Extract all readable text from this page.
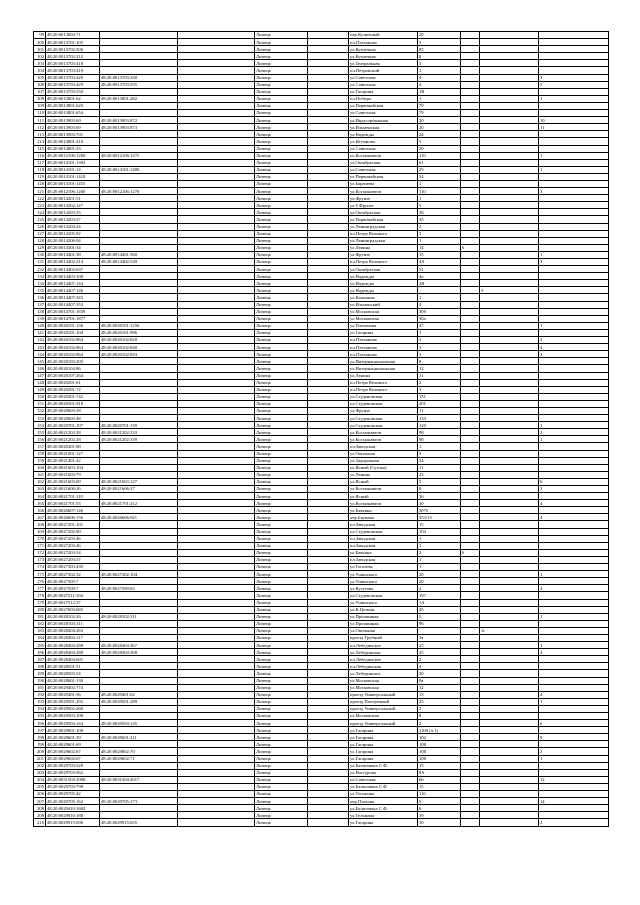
99	48:20:0013604:71			Липецк		пер.Кузнечный	20			
100	48:20:0013701:105			Липецк		пл.Плеханова	5			
101	48:20:0013702:506			Липецк		ул.Кузнечная	85			
102	48:20:0013702:212			Липецк		ул.Кузнечная	8			
103	48:20:0013703:418			Липецк		ул.Театральная	3			
104	48:20:0013703:419			Липецк		пл.Петровский	1			
105	48:20:0013703:420	48:20:0013703:330		Липецк		ул.Советская	4			3
106	48:20:0013703:429	48:20:0013703:555		Липецк		ул.Советская	4			5
107	48:20:0013703:550			Липецк		ул.Гагарина	1В			
108	48:20:0013801:62	48:20:0013801:282		Липецк		пл.Победы	1			1
109	48:20:0013801:620			Липецк		ул.Первомайская	79			
110	48:20:0013801:654			Липецк		ул.Советская	79			
111	48:20:0013903:69	48:20:0013903:872		Липецк		ул.Индустриальная	20			10
112	48:20:0013903:69	48:20:0013903:873		Липецк		ул.Ильменская	20			11
113	48:20:0013903:701			Липецк		ул.Надежды	24			
114	48:20:0014001:416			Липецк		ул.Игумнова	5			
115	48:20:0014001:33			Липецк		ул.Советская	20			
116	48:20:0012106:1260	48:20:0012106:1275		Липецк		ул.Космонавтов	110			1
117	48:20:0014101:1392			Липецк		ул.Октябрьская	61			
118	48:20:0014101:14	48:20:0014101:1408		Липецк		ул.Советская	25			1
119	48:20:0014101:1418			Липецк		ул.Первомайская	34			
120	48:20:0014101:1455			Липецк		ул.Барашева	1			
121	48:20:0012106:1260	48:20:0012106:1276		Липецк		ул.Космонавтов	110			3
122	48:20:0014201:51			Липецк		ул.Фрунзе	1			
123	48:20:0014202:127			Липецк		ул.Т.Фрунзе	5			
124	48:20:0014203:35			Липецк		ул.Октябрьская	28			
125	48:20:0014203:27			Липецк		ул.Первомайская	35			
126	48:20:0014204:24			Липецк		ул.Ленинградская	2			
127	48:20:0014205:92			Липецк		пл.Петра Великого	3			
128	48:20:0014206:94			Липецк		ул.Ленинградская	1			
129	48:20:0014301:34			Липецк		ул.Ленина	14	6		
130	48:20:0014401:38	48:20:0014401:560		Липецк		ул.Фрунзе	15			1
131	48:20:0014402:314	48:20:0014402:549		Липецк		пл.Петра Великого	4А			3
132	48:20:0014402:637			Липецк		ул.Октябрьская	51			
133	48:20:0014403:108			Липецк		ул.Надежды	4а			
134	48:20:0014407:144			Липецк		ул.Надежды	2В			
135	48:20:0014407:146			Липецк		ул.Надежды			3	
136	48:20:0014407:343			Липецк		ул.Каменная	1			
137	48:20:0014407:353			Липецк		ул.Ильменский	4			
138	48:20:0014701:1659			Липецк		ул.Московская	30б			
139	48:20:0014701:1877			Липецк		ул.Московская	30а			
140	48:20:0020101:136	48:20:0020101:1250		Липецк		ул.Плеханова	47			1
141	48:20:0020101:104	48:20:0020101:986		Липецк		ул.Гагарина	1			
142	48:20:0020102:864	48:20:0020102:820		Липецк		пл.Плеханова	3			2
143	48:20:0020102:864	48:20:0020102:840		Липецк		пл.Плеханова	3			4
144	48:20:0020102:864	48:20:0020102:843		Липецк		пл.Плеханова	3			3
145	48:20:0020103:205			Липецк		ул.Интернациональная	8			
146	48:20:0020104:86			Липецк		ул.Интернациональная	12			
147	48:20:0020107:264			Липецк		ул.Ленина	11			
148	48:20:0020201:61			Липецк		пл.Петра Великого	2			
149	48:20:0020201:72			Липецк		пл.Петра Великого	1			
150	48:20:0020301:742			Липецк		ул.Студеновская	131			
151	48:20:0020301:918			Липецк		ул.Студеновская	201			
152	48:20:0020603:28			Липецк		ул.Фрунзе	11			
153	48:20:0020603:48			Липецк		ул.Студеновская	133			
154	48:20:0020701:107	48:20:0020701:139		Липецк		ул.Студеновская	120			1
155	48:20:0021202:28	48:20:0021202:333		Липецк		ул.Космонавтов	98			2
156	48:20:0021202:28	48:20:0021202:339		Липецк		ул.Космонавтов	98			1
157	48:20:0020301:88			Липецк		пл.Заводская	1			
158	48:20:0021001:127			Липецк		ул.Опильная	9			
159	48:20:0021401:42			Липецк		ул.Задорожная	24			
160	48:20:0021603:104			Липецк		ул.Ясный (Сутока)	11			
161	48:20:0021603:79			Липецк		ул.Ленина	23			
162	48:20:0021603:69	48:20:0021603:127		Липецк		ул.Ясный	5			6
163	48:20:0021606:26	48:20:0021606:27		Липецк		ул.Космонавтов	6			3
164	48:20:0021701:110			Липецк		ул.Ясный	36			
165	48:20:0021701:55	48:20:0021701:212		Липецк		ул.Космонавтов	10			4
166	48:20:0026607:146			Липецк		ул.Бачкина	307б			
167	48:20:0026606:156	48:20:0026606:921		Липецк		пер.Баумана	353/15			4
168	48:20:0027201:101			Липецк		пл.Заводская	15			
169	48:20:0027202:90			Липецк		ул.Студеновская	104			
170	48:20:0027203:46			Липецк		пл.Заводская	1			
171	48:20:0027203:46			Липецк		пл.Заводская	1			
172	48:20:0027203:54			Липецк		ул.Бачкина	2	6		
173	48:20:0027203:57			Липецк		пл.Заводская	1			
174	48:20:0027303:439			Липецк		ул.Гоголева	1			
175	48:20:0027302:32	48:20:0027302:104		Липецк		ул.Ушинского	20			1
176	48:20:0027305:7			Липецк		ул.Ушинского	20			
177	48:20:0027509:7	48:20:0027509:63		Липецк		ул.Кутузова	2			4
178	48:20:0027511:104			Липецк		ул.Студеновская	197			
179	48:20:0027512:37			Липецк		ул.Ушинского	1А			
180	48:20:0027603:665			Липецк		ул.К.Цеткин	45			
181	48:20:0028102:26	48:20:0028102:311		Липецк		ул.Прошинная	5			1
182	48:20:0028103:311			Липецк		ул.Прошинная	96			
183	48:20:0028404:263			Липецк		ул.Опильная			1г	
184	48:20:0028404:117			Липецк		проезд Трубный	3а			
185	48:20:0028404:288	48:20:0028404:367		Липецк		пл.Лебединское	25			3
186	48:20:0028404:288	48:20:0028404:368		Липецк		ул.Лебединская	25			4
187	48:20:0028404:601			Липецк		пл.Лебединское	2			
188	48:20:0028501:51			Липецк		пл.Лебединская	4			
189	48:20:0028503:54			Липецк		ул.Лебединское	30			
190	48:20:0028601:130			Липецк		ул.Московская	8а			
191	48:20:0029402:774			Липецк		ул.Московская	12			
192	48:20:0029401:56	48:20:0029401:62		Липецк		проезд Универсальный	13			4
193	48:20:0029501:292	48:20:0029501:289		Липецк		проезд Поперечный	25			1
194	48:20:0029502:260			Липецк		проезд Универсальный	2			
195	48:20:0029503:108			Липецк		ул.Московская	8			
196	48:20:0029504:144	48:20:0029504:145		Липецк		проезд Универсальный	2			6
197	48:20:0029601:108			Липецк		ул.Гагарина	110б (ч.1)			
198	48:20:0029601:39	48:20:0029601:211		Липецк		ул.Гагарина	102			9
199	48:20:0029601:69			Липецк		ул.Гагарина	108			
200	48:20:0029602:67	48:20:0029602:70		Липецк		ул.Гагарина	108			2
201	48:20:0029602:67	48:20:0029602:71		Липецк		ул.Гагарина	108			1
202	48:20:0029703:528			Липецк		ул.Балмочных С.Ф.	15			
203	48:20:0029703:562			Липецк		ул.Настурова	8А			
204	48:20:0031504:2008	48:20:0031504:2017		Липецк		ул.Советская	66			12
205	48:20:0029703:798			Липецк		ул.Балмочных С.Ф.	15			
206	48:20:0029705:42			Липецк		ул.Теплична	116			
207	48:20:0029705:162	48:20:0029705:173		Липецк		пер.Плехова	5			14
208	48:20:0029410:1602			Липецк		ул.Балмочных С.Ф.	6			
209	48:20:0029810:180			Липецк		ул.Тельмана	19			
210	48:20:0029915:696	48:20:0029915:655		Липецк		ул.Гагарина	10			2
